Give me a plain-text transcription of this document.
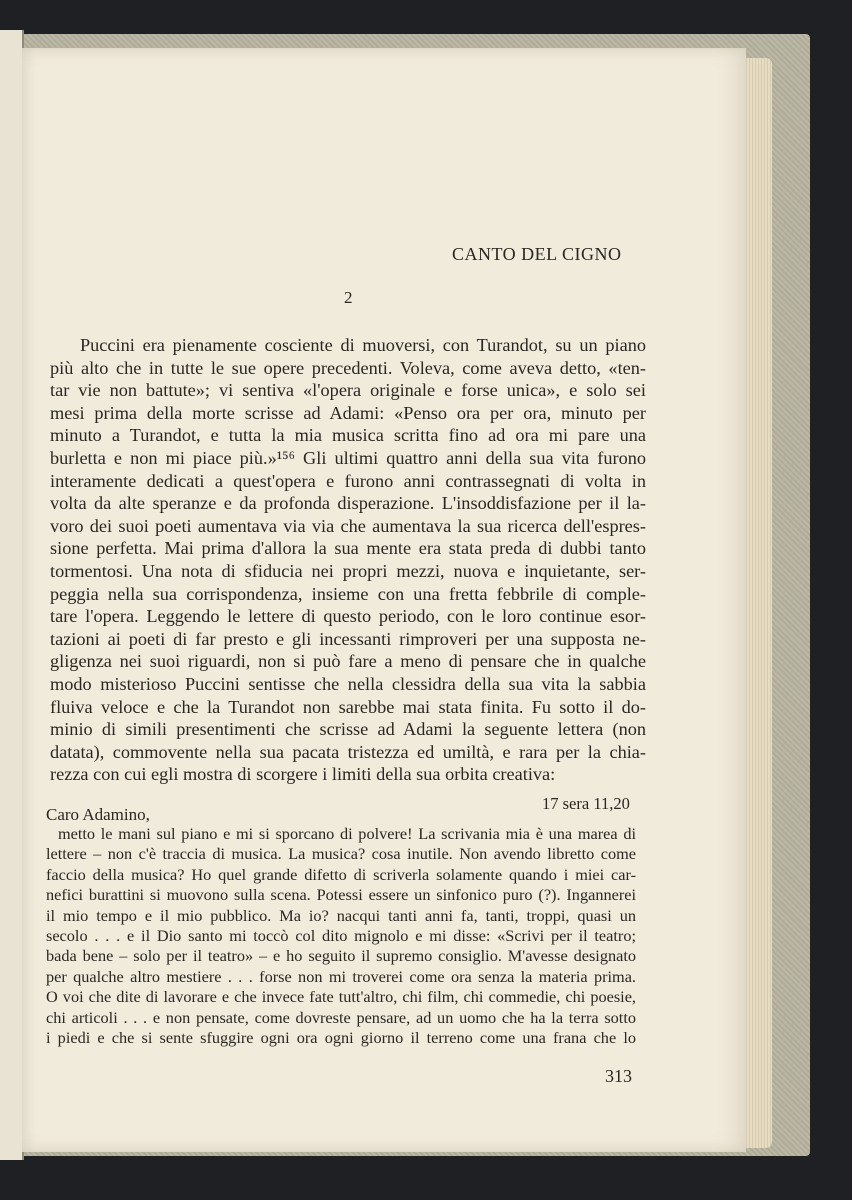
CANTO DEL CIGNO
2
Puccini era pienamente cosciente di muoversi, con Turandot, su un piano
più alto che in tutte le sue opere precedenti. Voleva, come aveva detto, «ten-
tar vie non battute»; vi sentiva «l'opera originale e forse unica», e solo sei
mesi prima della morte scrisse ad Adami: «Penso ora per ora, minuto per
minuto a Turandot, e tutta la mia musica scritta fino ad ora mi pare una
burletta e non mi piace più.»¹⁵⁶ Gli ultimi quattro anni della sua vita furono
interamente dedicati a quest'opera e furono anni contrassegnati di volta in
volta da alte speranze e da profonda disperazione. L'insoddisfazione per il la-
voro dei suoi poeti aumentava via via che aumentava la sua ricerca dell'espres-
sione perfetta. Mai prima d'allora la sua mente era stata preda di dubbi tanto
tormentosi. Una nota di sfiducia nei propri mezzi, nuova e inquietante, ser-
peggia nella sua corrispondenza, insieme con una fretta febbrile di comple-
tare l'opera. Leggendo le lettere di questo periodo, con le loro continue esor-
tazioni ai poeti di far presto e gli incessanti rimproveri per una supposta ne-
gligenza nei suoi riguardi, non si può fare a meno di pensare che in qualche
modo misterioso Puccini sentisse che nella clessidra della sua vita la sabbia
fluiva veloce e che la Turandot non sarebbe mai stata finita. Fu sotto il do-
minio di simili presentimenti che scrisse ad Adami la seguente lettera (non
datata), commovente nella sua pacata tristezza ed umiltà, e rara per la chia-
rezza con cui egli mostra di scorgere i limiti della sua orbita creativa:
17 sera 11,20
Caro Adamino,
metto le mani sul piano e mi si sporcano di polvere! La scrivania mia è una marea di
lettere – non c'è traccia di musica. La musica? cosa inutile. Non avendo libretto come
faccio della musica? Ho quel grande difetto di scriverla solamente quando i miei car-
nefici burattini si muovono sulla scena. Potessi essere un sinfonico puro (?). Ingannerei
il mio tempo e il mio pubblico. Ma io? nacqui tanti anni fa, tanti, troppi, quasi un
secolo . . . e il Dio santo mi toccò col dito mignolo e mi disse: «Scrivi per il teatro;
bada bene – solo per il teatro» – e ho seguito il supremo consiglio. M'avesse designato
per qualche altro mestiere . . . forse non mi troverei come ora senza la materia prima.
O voi che dite di lavorare e che invece fate tutt'altro, chi film, chi commedie, chi poesie,
chi articoli . . . e non pensate, come dovreste pensare, ad un uomo che ha la terra sotto
i piedi e che si sente sfuggire ogni ora ogni giorno il terreno come una frana che lo
313
